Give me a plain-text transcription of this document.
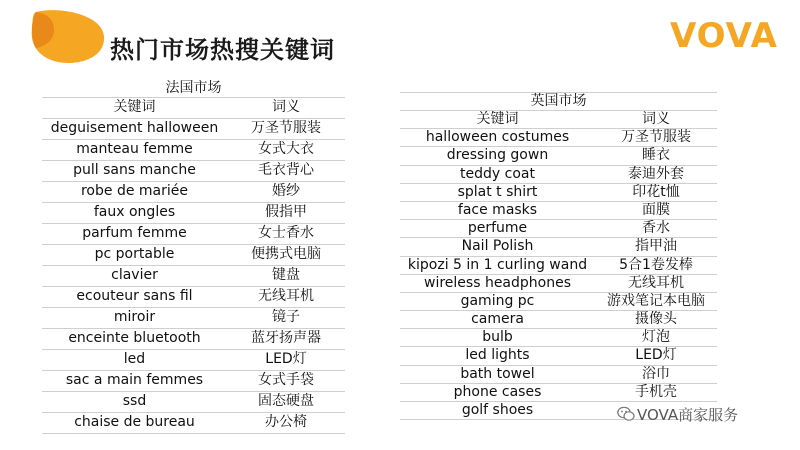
热门市场热搜关键词	VOVA
法国市场
关键词	词义
deguisement halloween	万圣节服装
manteau femme	女式大衣
pull sans manche	毛衣背心
robe de mariée	婚纱
faux ongles	假指甲
parfum femme	女士香水
pc portable	便携式电脑
clavier	键盘
ecouteur sans fil	无线耳机
miroir	镜子
enceinte bluetooth	蓝牙扬声器
led	LED灯
sac a main femmes	女式手袋
ssd	固态硬盘
chaise de bureau	办公椅
英国市场
关键词	词义
halloween costumes	万圣节服装
dressing gown	睡衣
teddy coat	泰迪外套
splat t shirt	印花t恤
face masks	面膜
perfume	香水
Nail Polish	指甲油
kipozi 5 in 1 curling wand	5合1卷发棒
wireless headphones	无线耳机
gaming pc	游戏笔记本电脑
camera	摄像头
bulb	灯泡
led lights	LED灯
bath towel	浴巾
phone cases	手机壳
golf shoes	VOVA商家服务
